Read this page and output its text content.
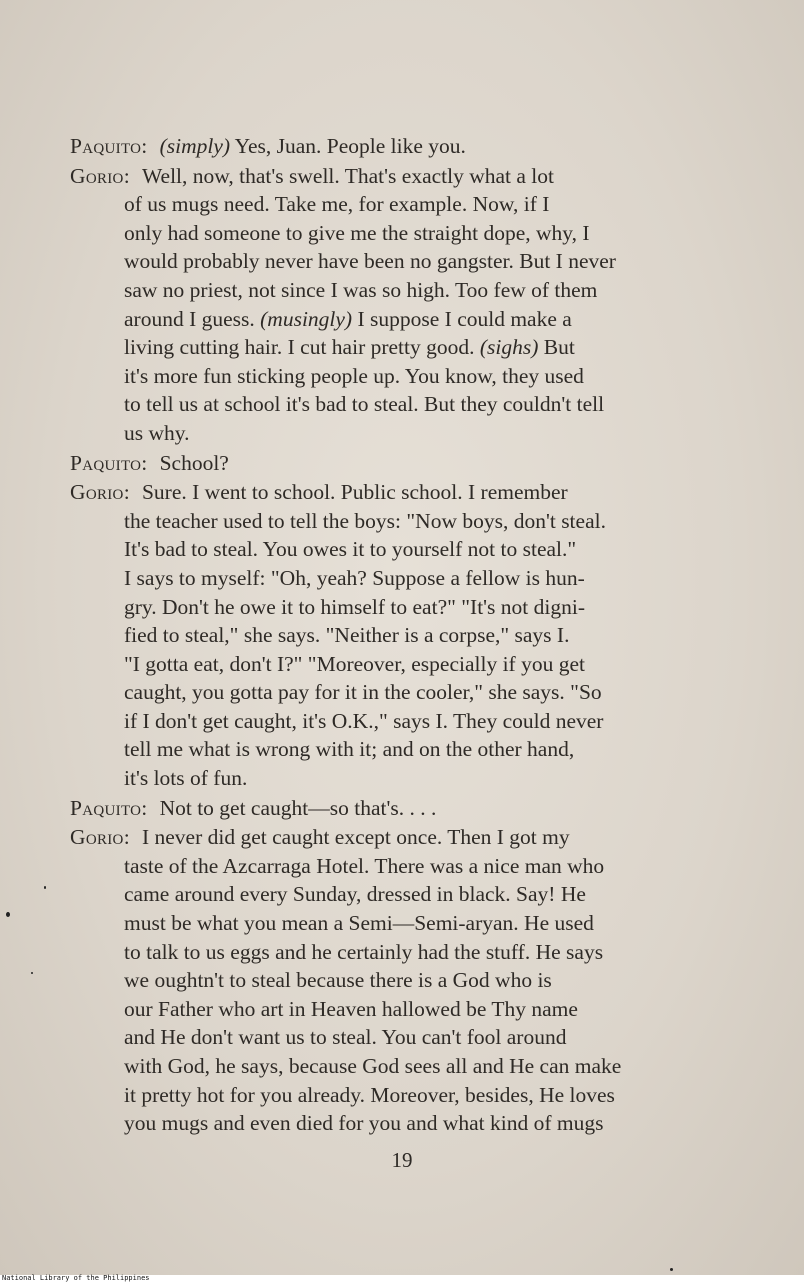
Paquito: (simply) Yes, Juan. People like you.

Gorio: Well, now, that's swell. That's exactly what a lot
of us mugs need. Take me, for example. Now, if I
only had someone to give me the straight dope, why, I
would probably never have been no gangster. But I never
saw no priest, not since I was so high. Too few of them
around I guess. (musingly) I suppose I could make a
living cutting hair. I cut hair pretty good. (sighs) But
it's more fun sticking people up. You know, they used
to tell us at school it's bad to steal. But they couldn't tell
us why.

Paquito: School?

Gorio: Sure. I went to school. Public school. I remember
the teacher used to tell the boys: "Now boys, don't steal.
It's bad to steal. You owes it to yourself not to steal."
I says to myself: "Oh, yeah? Suppose a fellow is hun-
gry. Don't he owe it to himself to eat?" "It's not digni-
fied to steal," she says. "Neither is a corpse," says I.
"I gotta eat, don't I?" "Moreover, especially if you get
caught, you gotta pay for it in the cooler," she says. "So
if I don't get caught, it's O.K.," says I. They could never
tell me what is wrong with it; and on the other hand,
it's lots of fun.

Paquito: Not to get caught—so that's. . . .

Gorio: I never did get caught except once. Then I got my
taste of the Azcarraga Hotel. There was a nice man who
came around every Sunday, dressed in black. Say! He
must be what you mean a Semi—Semi-aryan. He used
to talk to us eggs and he certainly had the stuff. He says
we oughtn't to steal because there is a God who is
our Father who art in Heaven hallowed be Thy name
and He don't want us to steal. You can't fool around
with God, he says, because God sees all and He can make
it pretty hot for you already. Moreover, besides, He loves
you mugs and even died for you and what kind of mugs

19
National Library of the Philippines
